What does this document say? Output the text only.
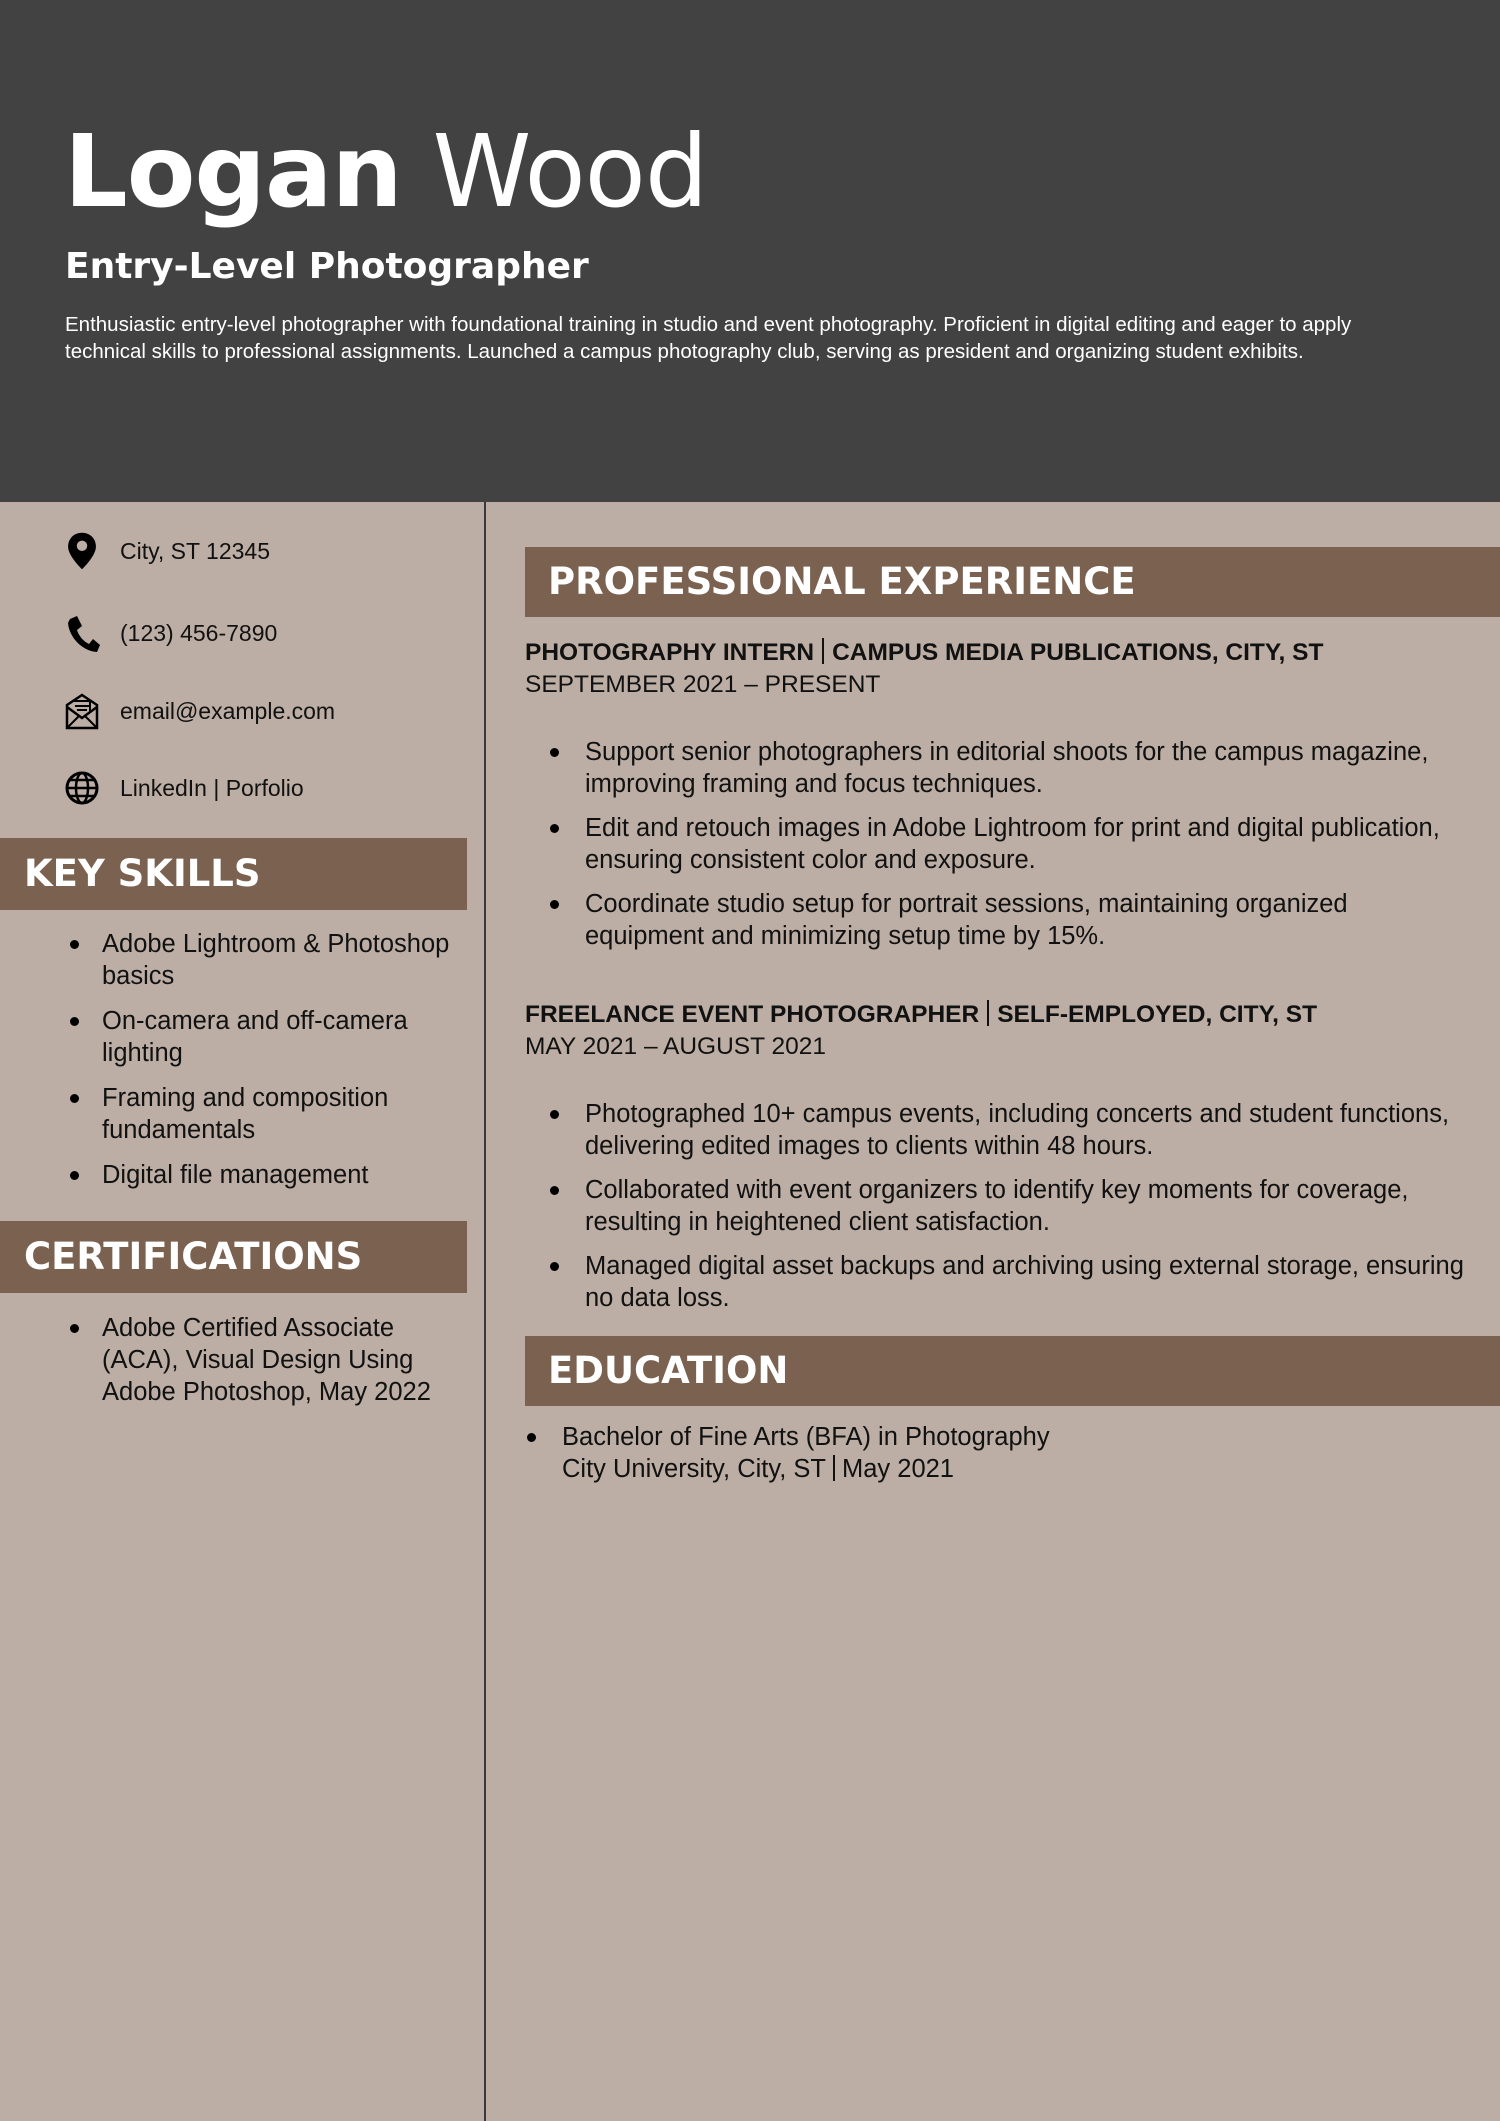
Logan Wood
Entry-Level Photographer
Enthusiastic entry-level photographer with foundational training in studio and event photography. Proficient in digital editing and eager to apply technical skills to professional assignments. Launched a campus photography club, serving as president and organizing student exhibits.
City, ST 12345
(123) 456-7890
email@example.com
LinkedIn | Porfolio
KEY SKILLS
Adobe Lightroom & Photoshop basics
On-camera and off-camera lighting
Framing and composition fundamentals
Digital file management
CERTIFICATIONS
Adobe Certified Associate (ACA), Visual Design Using Adobe Photoshop, May 2022
PROFESSIONAL EXPERIENCE
PHOTOGRAPHY INTERN CAMPUS MEDIA PUBLICATIONS, CITY, ST
SEPTEMBER 2021 – PRESENT
Support senior photographers in editorial shoots for the campus magazine, improving framing and focus techniques.
Edit and retouch images in Adobe Lightroom for print and digital publication, ensuring consistent color and exposure.
Coordinate studio setup for portrait sessions, maintaining organized equipment and minimizing setup time by 15%.
FREELANCE EVENT PHOTOGRAPHER SELF-EMPLOYED, CITY, ST
MAY 2021 – AUGUST 2021
Photographed 10+ campus events, including concerts and student functions, delivering edited images to clients within 48 hours.
Collaborated with event organizers to identify key moments for coverage, resulting in heightened client satisfaction.
Managed digital asset backups and archiving using external storage, ensuring no data loss.
EDUCATION
Bachelor of Fine Arts (BFA) in Photography
City University, City, ST May 2021
